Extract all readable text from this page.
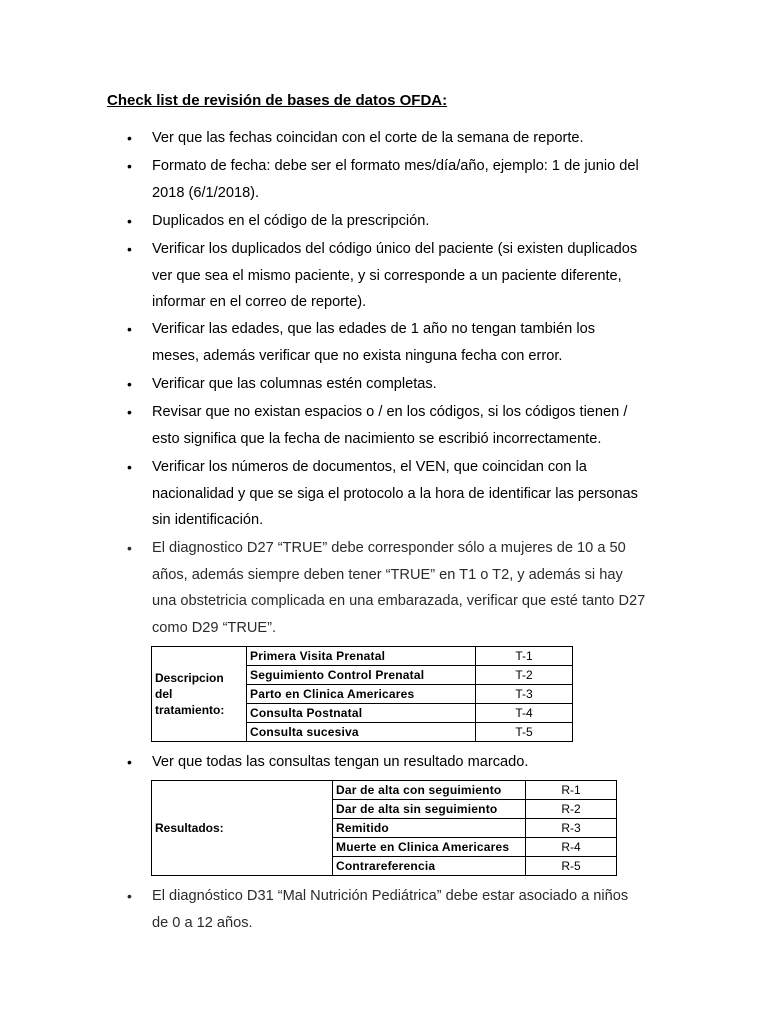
Check list de revisión de bases de datos OFDA:
• Ver que las fechas coincidan con el corte de la semana de reporte.
• Formato de fecha: debe ser el formato mes/día/año, ejemplo: 1 de junio del
2018 (6/1/2018).
• Duplicados en el código de la prescripción.
• Verificar los duplicados del código único del paciente (si existen duplicados
ver que sea el mismo paciente, y si corresponde a un paciente diferente,
informar en el correo de reporte).
• Verificar las edades, que las edades de 1 año no tengan también los
meses, además verificar que no exista ninguna fecha con error.
• Verificar que las columnas estén completas.
• Revisar que no existan espacios o / en los códigos, si los códigos tienen /
esto significa que la fecha de nacimiento se escribió incorrectamente.
• Verificar los números de documentos, el VEN, que coincidan con la
nacionalidad y que se siga el protocolo a la hora de identificar las personas
sin identificación.
• El diagnostico D27 “TRUE” debe corresponder sólo a mujeres de 10 a 50
años, además siempre deben tener “TRUE” en T1 o T2, y además si hay
una obstetricia complicada en una embarazada, verificar que esté tanto D27
como D29 “TRUE”.
• Ver que todas las consultas tengan un resultado marcado.
• El diagnóstico D31 “Mal Nutrición Pediátrica” debe estar asociado a niños
de 0 a 12 años.
Descripcion del tratamiento:	Primera Visita Prenatal	T-1
	Seguimiento Control Prenatal	T-2
	Parto en Clinica Americares	T-3
	Consulta Postnatal	T-4
	Consulta sucesiva	T-5
Resultados:	Dar de alta con seguimiento	R-1
	Dar de alta sin seguimiento	R-2
	Remitido	R-3
	Muerte en Clinica Americares	R-4
	Contrareferencia	R-5
